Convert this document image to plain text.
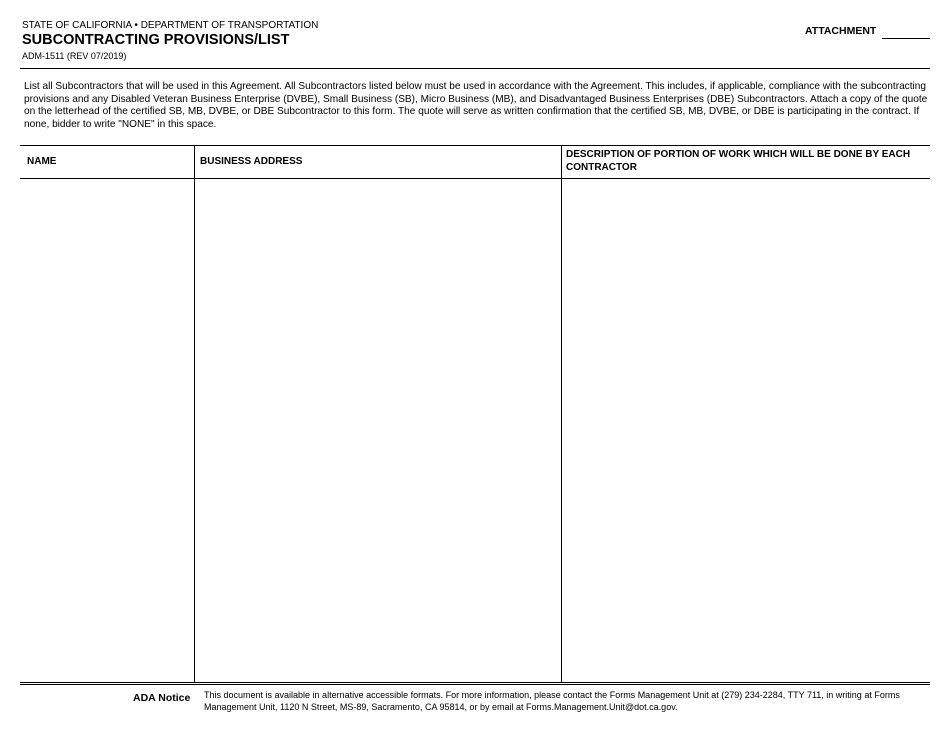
STATE OF CALIFORNIA • DEPARTMENT OF TRANSPORTATION
SUBCONTRACTING PROVISIONS/LIST
ADM-1511 (REV 07/2019)
ATTACHMENT
List all Subcontractors that will be used in this Agreement. All Subcontractors listed below must be used in accordance with the Agreement. This includes, if applicable, compliance with the subcontracting provisions and any Disabled Veteran Business Enterprise (DVBE), Small Business (SB), Micro Business (MB), and Disadvantaged Business Enterprises (DBE) Subcontractors. Attach a copy of the quote on the letterhead of the certified SB, MB, DVBE, or DBE Subcontractor to this form. The quote will serve as written confirmation that the certified SB, MB, DVBE, or DBE is participating in the contract. If none, bidder to write "NONE" in this space.
NAME	BUSINESS ADDRESS
DESCRIPTION OF PORTION OF WORK WHICH WILL BE DONE BY EACH CONTRACTOR
ADA Notice This document is available in alternative accessible formats. For more information, please contact the Forms Management Unit at (279) 234-2284, TTY 711, in writing at Forms Management Unit, 1120 N Street, MS-89, Sacramento, CA 95814, or by email at Forms.Management.Unit@dot.ca.gov.
